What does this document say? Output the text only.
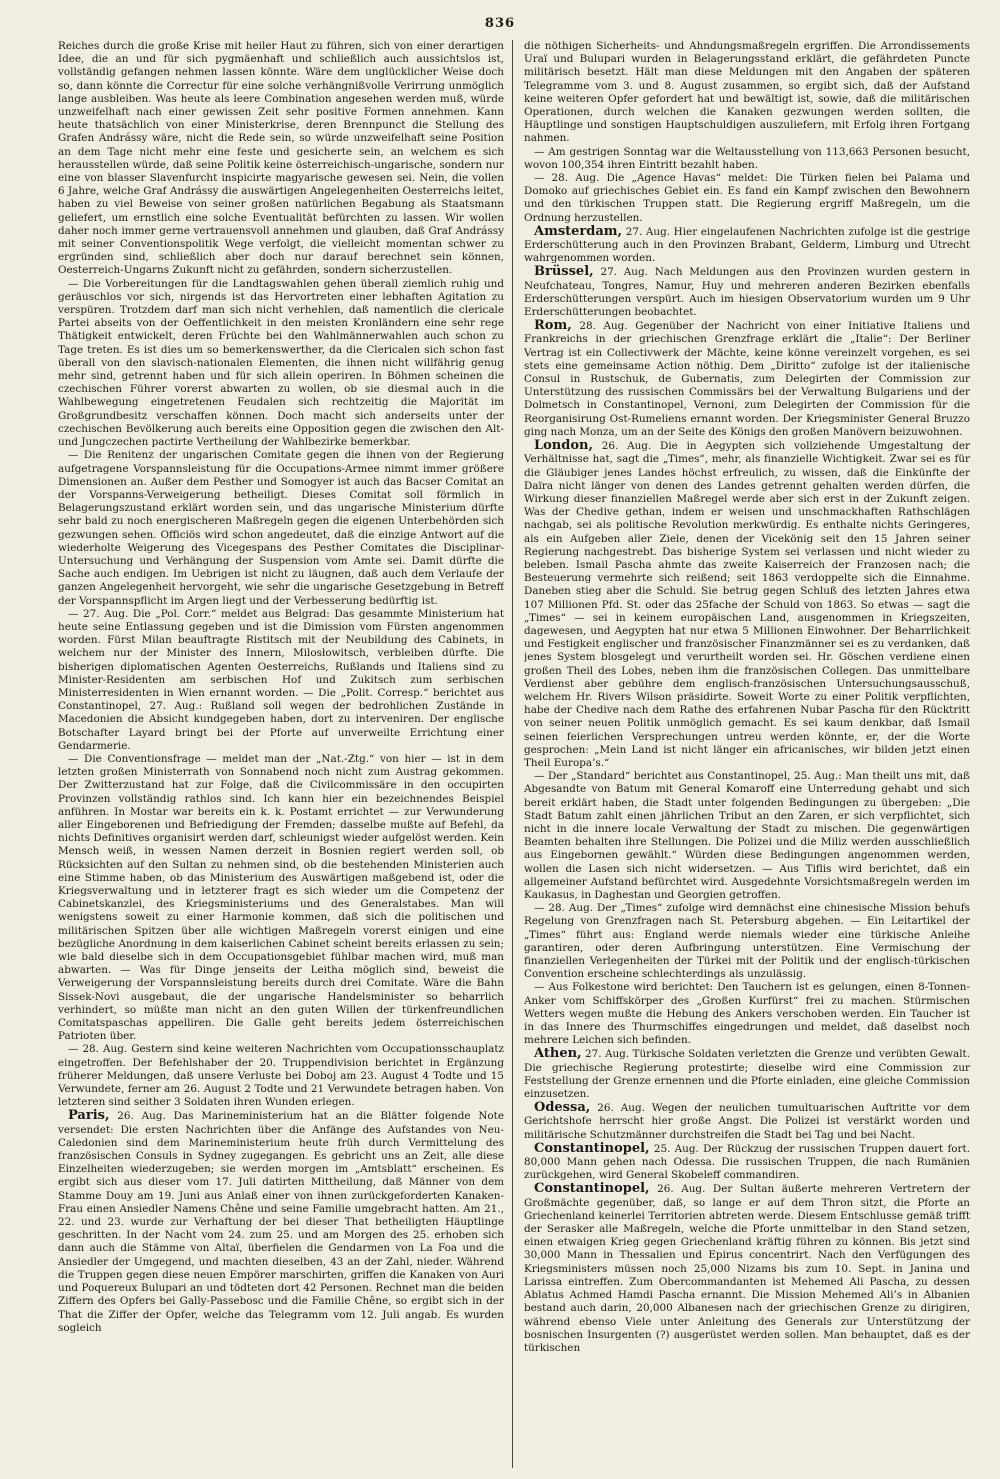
836

Reiches durch die große Krise mit heiler Haut zu führen, sich von einer derartigen Idee, die an und für sich pygmäenhaft und schließlich auch aussichtslos ist, vollständig gefangen nehmen lassen könnte. Wäre dem unglücklicher Weise doch so, dann könnte die Correctur für eine solche verhängnißvolle Verirrung unmöglich lange ausbleiben. Was heute als leere Combination angesehen werden muß, würde unzweifelhaft nach einer gewissen Zeit sehr positive Formen annehmen. Kann heute thatsächlich von einer Ministerkrise, deren Brennpunct die Stellung des Grafen Andrássy wäre, nicht die Rede sein, so würde unzweifelhaft seine Position an dem Tage nicht mehr eine feste und gesicherte sein, an welchem es sich herausstellen würde, daß seine Politik keine österreichisch-ungarische, sondern nur eine von blasser Slavenfurcht inspicirte magyarische gewesen sei. Nein, die vollen 6 Jahre, welche Graf Andrássy die auswärtigen Angelegenheiten Oesterreichs leitet, haben zu viel Beweise von seiner großen natürlichen Begabung als Staatsmann geliefert, um ernstlich eine solche Eventualität befürchten zu lassen. Wir wollen daher noch immer gerne vertrauensvoll annehmen und glauben, daß Graf Andrássy mit seiner Conventionspolitik Wege verfolgt, die vielleicht momentan schwer zu ergründen sind, schließlich aber doch nur darauf berechnet sein können, Oesterreich-Ungarns Zukunft nicht zu gefährden, sondern sicherzustellen.

— Die Vorbereitungen für die Landtagswahlen gehen überall ziemlich ruhig und geräuschlos vor sich, nirgends ist das Hervortreten einer lebhaften Agitation zu verspüren. Trotzdem darf man sich nicht verhehlen, daß namentlich die clericale Partei abseits von der Oeffentlichkeit in den meisten Kronländern eine sehr rege Thätigkeit entwickelt, deren Früchte bei den Wahlmännerwahlen auch schon zu Tage treten. Es ist dies um so bemerkenswerther, da die Clericalen sich schon fast überall von den slavisch-nationalen Elementen, die ihnen nicht willfährig genug mehr sind, getrennt haben und für sich allein operiren. In Böhmen scheinen die czechischen Führer vorerst abwarten zu wollen, ob sie diesmal auch in die Wahlbewegung eingetretenen Feudalen sich rechtzeitig die Majorität im Großgrundbesitz verschaffen können. Doch macht sich anderseits unter der czechischen Bevölkerung auch bereits eine Opposition gegen die zwischen den Alt- und Jungczechen pactirte Vertheilung der Wahlbezirke bemerkbar.

— Die Renitenz der ungarischen Comitate gegen die ihnen von der Regierung aufgetragene Vorspannsleistung für die Occupations-Armee nimmt immer größere Dimensionen an. Außer dem Pesther und Somogyer ist auch das Bacser Comitat an der Vorspanns-Verweigerung betheiligt. Dieses Comitat soll förmlich in Belagerungszustand erklärt worden sein, und das ungarische Ministerium dürfte sehr bald zu noch energischeren Maßregeln gegen die eigenen Unterbehörden sich gezwungen sehen. Officiös wird schon angedeutet, daß die einzige Antwort auf die wiederholte Weigerung des Vicegespans des Pesther Comitates die Disciplinar-Untersuchung und Verhängung der Suspension vom Amte sei. Damit dürfte die Sache auch endigen. Im Uebrigen ist nicht zu läugnen, daß auch dem Verlaufe der ganzen Angelegenheit hervorgeht, wie sehr die ungarische Gesetzgebung in Betreff der Vorspannspflicht im Argen liegt und der Verbesserung bedürftig ist.

— 27. Aug. Die „Pol. Corr.“ meldet aus Belgrad: Das gesammte Ministerium hat heute seine Entlassung gegeben und ist die Dimission vom Fürsten angenommen worden. Fürst Milan beauftragte Ristitsch mit der Neubildung des Cabinets, in welchem nur der Minister des Innern, Milosłowitsch, verbleiben dürfte. Die bisherigen diplomatischen Agenten Oesterreichs, Rußlands und Italiens sind zu Minister-Residenten am serbischen Hof und Zukitsch zum serbischen Ministerresidenten in Wien ernannt worden. — Die „Polit. Corresp.“ berichtet aus Constantinopel, 27. Aug.: Rußland soll wegen der bedrohlichen Zustände in Macedonien die Absicht kundgegeben haben, dort zu interveniren. Der englische Botschafter Layard bringt bei der Pforte auf unverweilte Errichtung einer Gendarmerie.

— Die Conventionsfrage — meldet man der „Nat.-Ztg.“ von hier — ist in dem letzten großen Ministerrath von Sonnabend noch nicht zum Austrag gekommen. Der Zwitterzustand hat zur Folge, daß die Civilcommissäre in den occupirten Provinzen vollständig rathlos sind. Ich kann hier ein bezeichnendes Beispiel anführen. In Mostar war bereits ein k. k. Postamt errichtet — zur Verwunderung aller Eingeborenen und Befriedigung der Fremden; dasselbe mußte auf Befehl, da nichts Definitives organisirt werden darf, schleunigst wieder aufgelöst werden. Kein Mensch weiß, in wessen Namen derzeit in Bosnien regiert werden soll, ob Rücksichten auf den Sultan zu nehmen sind, ob die bestehenden Ministerien auch eine Stimme haben, ob das Ministerium des Auswärtigen maßgebend ist, oder die Kriegsverwaltung und in letzterer fragt es sich wieder um die Competenz der Cabinetskanzlei, des Kriegsministeriums und des Generalstabes. Man will wenigstens soweit zu einer Harmonie kommen, daß sich die politischen und militärischen Spitzen über alle wichtigen Maßregeln vorerst einigen und eine bezügliche Anordnung in dem kaiserlichen Cabinet scheint bereits erlassen zu sein; wie bald dieselbe sich in dem Occupationsgebiet fühlbar machen wird, muß man abwarten. — Was für Dinge jenseits der Leitha möglich sind, beweist die Verweigerung der Vorspannsleistung bereits durch drei Comitate. Wäre die Bahn Sissek-Novi ausgebaut, die der ungarische Handelsminister so beharrlich verhindert, so müßte man nicht an den guten Willen der türkenfreundlichen Comitatspaschas appelliren. Die Galle geht bereits jedem österreichischen Patrioten über.

— 28. Aug. Gestern sind keine weiteren Nachrichten vom Occupationsschauplatz eingetroffen. Der Befehlshaber der 20. Truppendivision berichtet in Ergänzung früherer Meldungen, daß unsere Verluste bei Doboj am 23. August 4 Todte und 15 Verwundete, ferner am 26. August 2 Todte und 21 Verwundete betragen haben. Von letzteren sind seither 3 Soldaten ihren Wunden erlegen.

Paris, 26. Aug. Das Marineministerium hat an die Blätter folgende Note versendet: Die ersten Nachrichten über die Anfänge des Aufstandes von Neu-Caledonien sind dem Marineministerium heute früh durch Vermittelung des französischen Consuls in Sydney zugegangen. Es gebricht uns an Zeit, alle diese Einzelheiten wiederzugeben; sie werden morgen im „Amtsblatt“ erscheinen. Es ergibt sich aus dieser vom 17. Juli datirten Mittheilung, daß Männer von dem Stamme Douy am 19. Juni aus Anlaß einer von ihnen zurückgeforderten Kanaken-Frau einen Ansiedler Namens Chêne und seine Familie umgebracht hatten. Am 21., 22. und 23. wurde zur Verhaftung der bei dieser That betheiligten Häuptlinge geschritten. In der Nacht vom 24. zum 25. und am Morgen des 25. erhoben sich dann auch die Stämme von Altaï, überfielen die Gendarmen von La Foa und die Ansiedler der Umgegend, und machten dieselben, 43 an der Zahl, nieder. Während die Truppen gegen diese neuen Empörer marschirten, griffen die Kanaken von Auri und Poquereux Bulupari an und tödteten dort 42 Personen. Rechnet man die beiden Ziffern des Opfers bei Gally-Passebosc und die Familie Chêne, so ergibt sich in der That die Ziffer der Opfer, welche das Telegramm vom 12. Juli angab. Es wurden sogleich

die nöthigen Sicherheits- und Ahndungsmaßregeln ergriffen. Die Arrondissements Uraï und Bulupari wurden in Belagerungsstand erklärt, die gefährdeten Puncte militärisch besetzt. Hält man diese Meldungen mit den Angaben der späteren Telegramme vom 3. und 8. August zusammen, so ergibt sich, daß der Aufstand keine weiteren Opfer gefordert hat und bewältigt ist, sowie, daß die militärischen Operationen, durch welchen die Kanaken gezwungen werden sollten, die Häuptlinge und sonstigen Hauptschuldigen auszuliefern, mit Erfolg ihren Fortgang nahmen.

— Am gestrigen Sonntag war die Weltausstellung von 113,663 Personen besucht, wovon 100,354 ihren Eintritt bezahlt haben.

— 28. Aug. Die „Agence Havas“ meldet: Die Türken fielen bei Palama und Domoko auf griechisches Gebiet ein. Es fand ein Kampf zwischen den Bewohnern und den türkischen Truppen statt. Die Regierung ergriff Maßregeln, um die Ordnung herzustellen.

Amsterdam, 27. Aug. Hier eingelaufenen Nachrichten zufolge ist die gestrige Erderschütterung auch in den Provinzen Brabant, Gelderm, Limburg und Utrecht wahrgenommen worden.

Brüssel, 27. Aug. Nach Meldungen aus den Provinzen wurden gestern in Neufchateau, Tongres, Namur, Huy und mehreren anderen Bezirken ebenfalls Erderschütterungen verspürt. Auch im hiesigen Observatorium wurden um 9 Uhr Erderschütterungen beobachtet.

Rom, 28. Aug. Gegenüber der Nachricht von einer Initiative Italiens und Frankreichs in der griechischen Grenzfrage erklärt die „Italie“: Der Berliner Vertrag ist ein Collectivwerk der Mächte, keine könne vereinzelt vorgehen, es sei stets eine gemeinsame Action nöthig. Dem „Diritto“ zufolge ist der italienische Consul in Rustschuk, de Gubernatis, zum Delegirten der Commission zur Unterstützung des russischen Commissärs bei der Verwaltung Bulgariens und der Dolmetsch in Constantinopel, Vernoni, zum Delegirten der Commission für die Reorganisirung Ost-Rumeliens ernannt worden. Der Kriegsminister General Bruzzo ging nach Monza, um an der Seite des Königs den großen Manövern beizuwohnen.

London, 26. Aug. Die in Aegypten sich vollziehende Umgestaltung der Verhältnisse hat, sagt die „Times“, mehr, als finanzielle Wichtigkeit. Zwar sei es für die Gläubiger jenes Landes höchst erfreulich, zu wissen, daß die Einkünfte der Daïra nicht länger von denen des Landes getrennt gehalten werden dürfen, die Wirkung dieser finanziellen Maßregel werde aber sich erst in der Zukunft zeigen. Was der Chedive gethan, indem er weisen und unschmackhaften Rathschlägen nachgab, sei als politische Revolution merkwürdig. Es enthalte nichts Geringeres, als ein Aufgeben aller Ziele, denen der Vicekönig seit den 15 Jahren seiner Regierung nachgestrebt. Das bisherige System sei verlassen und nicht wieder zu beleben. Ismail Pascha ahmte das zweite Kaiserreich der Franzosen nach; die Besteuerung vermehrte sich reißend; seit 1863 verdoppelte sich die Einnahme. Daneben stieg aber die Schuld. Sie betrug gegen Schluß des letzten Jahres etwa 107 Millionen Pfd. St. oder das 25fache der Schuld von 1863. So etwas — sagt die „Times“ — sei in keinem europäischen Land, ausgenommen in Kriegszeiten, dagewesen, und Aegypten hat nur etwa 5 Millionen Einwohner. Der Beharrlichkeit und Festigkeit englischer und französischer Finanzmänner sei es zu verdanken, daß jenes System blosgelegt und verurtheilt worden sei. Hr. Göschen verdiene einen großen Theil des Lobes, neben ihm die französischen Collegen. Das unmittelbare Verdienst aber gebühre dem englisch-französischen Untersuchungsausschuß, welchem Hr. Rivers Wilson präsidirte. Soweit Worte zu einer Politik verpflichten, habe der Chedive nach dem Rathe des erfahrenen Nubar Pascha für den Rücktritt von seiner neuen Politik unmöglich gemacht. Es sei kaum denkbar, daß Ismail seinen feierlichen Versprechungen untreu werden könnte, er, der die Worte gesprochen: „Mein Land ist nicht länger ein africanisches, wir bilden jetzt einen Theil Europa’s.“

— Der „Standard“ berichtet aus Constantinopel, 25. Aug.: Man theilt uns mit, daß Abgesandte von Batum mit General Komaroff eine Unterredung gehabt und sich bereit erklärt haben, die Stadt unter folgenden Bedingungen zu übergeben: „Die Stadt Batum zahlt einen jährlichen Tribut an den Zaren, er sich verpflichtet, sich nicht in die innere locale Verwaltung der Stadt zu mischen. Die gegenwärtigen Beamten behalten ihre Stellungen. Die Polizei und die Miliz werden ausschließlich aus Eingebornen gewählt.“ Würden diese Bedingungen angenommen werden, wollen die Lasen sich nicht widersetzen. — Aus Tiflis wird berichtet, daß ein allgemeiner Aufstand befürchtet wird. Ausgedehnte Vorsichtsmaßregeln werden im Kaukasus, in Daghestan und Georgien getroffen.

— 28. Aug. Der „Times“ zufolge wird demnächst eine chinesische Mission behufs Regelung von Grenzfragen nach St. Petersburg abgehen. — Ein Leitartikel der „Times“ führt aus: England werde niemals wieder eine türkische Anleihe garantiren, oder deren Aufbringung unterstützen. Eine Vermischung der finanziellen Verlegenheiten der Türkei mit der Politik und der englisch-türkischen Convention erscheine schlechterdings als unzulässig.

— Aus Folkestone wird berichtet: Den Tauchern ist es gelungen, einen 8-Tonnen-Anker vom Schiffskörper des „Großen Kurfürst“ frei zu machen. Stürmischen Wetters wegen mußte die Hebung des Ankers verschoben werden. Ein Taucher ist in das Innere des Thurmschiffes eingedrungen und meldet, daß daselbst noch mehrere Leichen sich befinden.

Athen, 27. Aug. Türkische Soldaten verletzten die Grenze und verübten Gewalt. Die griechische Regierung protestirte; dieselbe wird eine Commission zur Feststellung der Grenze ernennen und die Pforte einladen, eine gleiche Commission einzusetzen.

Odessa, 26. Aug. Wegen der neulichen tumultuarischen Auftritte vor dem Gerichtshofe herrscht hier große Angst. Die Polizei ist verstärkt worden und militärische Schutzmänner durchstreifen die Stadt bei Tag und bei Nacht.

Constantinopel, 25. Aug. Der Rückzug der russischen Truppen dauert fort. 80,000 Mann gehen nach Odessa. Die russischen Truppen, die nach Rumänien zurückgehen, wird General Skobeleff commandiren.

Constantinopel, 26. Aug. Der Sultan äußerte mehreren Vertretern der Großmächte gegenüber, daß, so lange er auf dem Thron sitzt, die Pforte an Griechenland keinerlei Territorien abtreten werde. Diesem Entschlusse gemäß trifft der Serasker alle Maßregeln, welche die Pforte unmittelbar in den Stand setzen, einen etwaigen Krieg gegen Griechenland kräftig führen zu können. Bis jetzt sind 30,000 Mann in Thessalien und Epirus concentrirt. Nach den Verfügungen des Kriegsministers müssen noch 25,000 Nizams bis zum 10. Sept. in Janina und Larissa eintreffen. Zum Obercommandanten ist Mehemed Ali Pascha, zu dessen Ablatus Achmed Hamdi Pascha ernannt. Die Mission Mehemed Ali’s in Albanien bestand auch darin, 20,000 Albanesen nach der griechischen Grenze zu dirigiren, während ebenso Viele unter Anleitung des Generals zur Unterstützung der bosnischen Insurgenten (?) ausgerüstet werden sollen. Man behauptet, daß es der türkischen
